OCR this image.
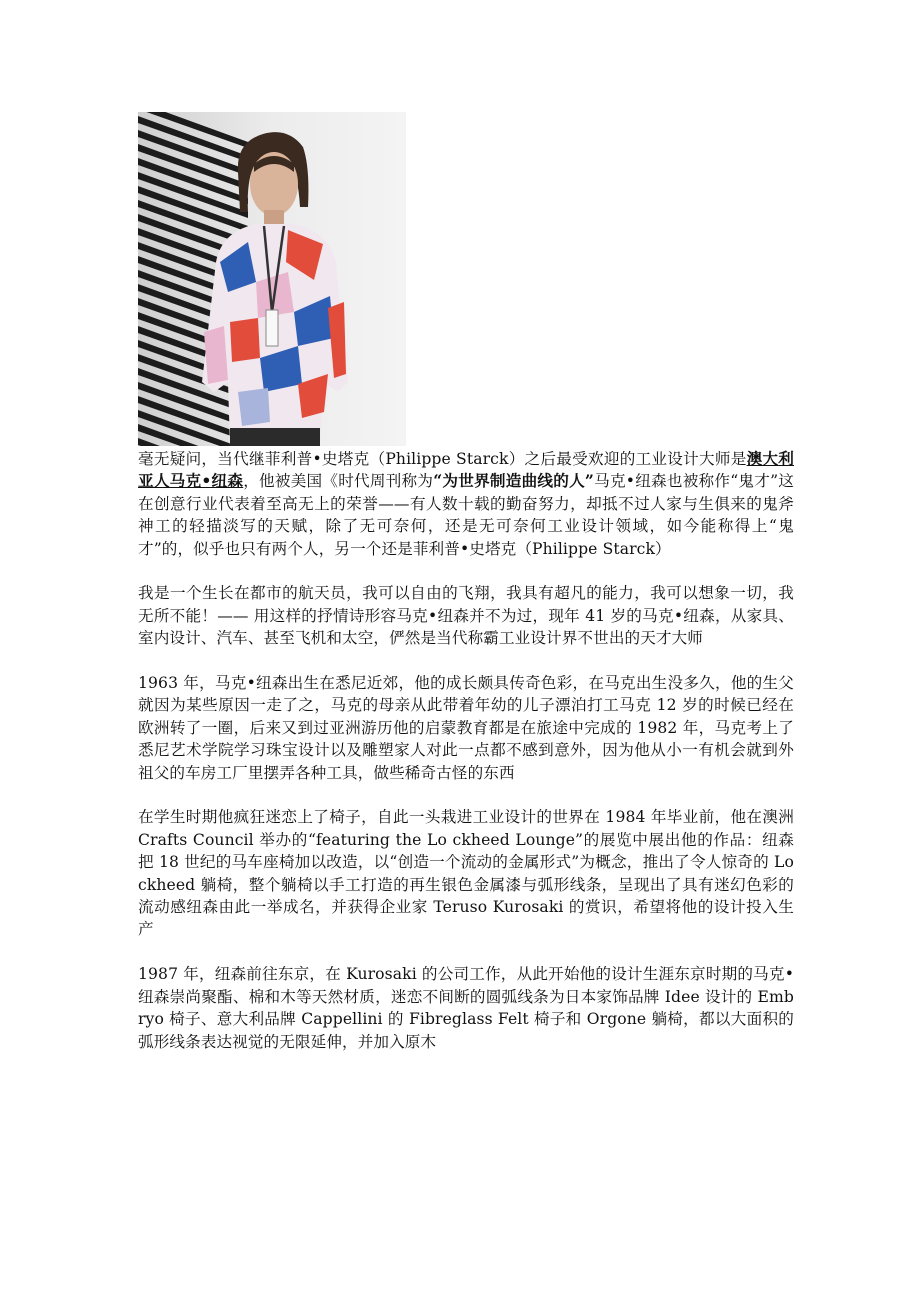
毫无疑问，当代继菲利普•史塔克（Philippe Starck）之后最受欢迎的工业设计大师是澳大利亚人马克•纽森，他被美国《时代周刊称为“为世界制造曲线的人”马克•纽森也被称作“鬼才”这在创意行业代表着至高无上的荣誉——有人数十载的勤奋努力，却抵不过人家与生俱来的鬼斧神工的轻描淡写的天赋，除了无可奈何，还是无可奈何工业设计领域，如今能称得上“鬼才”的，似乎也只有两个人，另一个还是菲利普•史塔克（Philippe Starck）

我是一个生长在都市的航天员，我可以自由的飞翔，我具有超凡的能力，我可以想象一切，我无所不能！—— 用这样的抒情诗形容马克•纽森并不为过，现年 41 岁的马克•纽森，从家具、室内设计、汽车、甚至飞机和太空，俨然是当代称霸工业设计界不世出的天才大师

1963 年，马克•纽森出生在悉尼近郊，他的成长颇具传奇色彩，在马克出生没多久，他的生父就因为某些原因一走了之，马克的母亲从此带着年幼的儿子漂泊打工马克 12 岁的时候已经在欧洲转了一圈，后来又到过亚洲游历他的启蒙教育都是在旅途中完成的 1982 年，马克考上了悉尼艺术学院学习珠宝设计以及雕塑家人对此一点都不感到意外，因为他从小一有机会就到外祖父的车房工厂里摆弄各种工具，做些稀奇古怪的东西

在学生时期他疯狂迷恋上了椅子，自此一头栽进工业设计的世界在 1984 年毕业前，他在澳洲 Crafts Council 举办的“featuring the Lo ckheed Lounge”的展览中展出他的作品：纽森把 18 世纪的马车座椅加以改造，以“创造一个流动的金属形式”为概念，推出了令人惊奇的 Lockheed 躺椅，整个躺椅以手工打造的再生银色金属漆与弧形线条，呈现出了具有迷幻色彩的流动感纽森由此一举成名，并获得企业家 Teruso Kurosaki 的赏识，希望将他的设计投入生产

1987 年，纽森前往东京，在 Kurosaki 的公司工作，从此开始他的设计生涯东京时期的马克•纽森崇尚聚酯、棉和木等天然材质，迷恋不间断的圆弧线条为日本家饰品牌 Idee 设计的 Embryo 椅子、意大利品牌 Cappellini 的 Fibreglass Felt 椅子和 Orgone 躺椅，都以大面积的弧形线条表达视觉的无限延伸，并加入原木
